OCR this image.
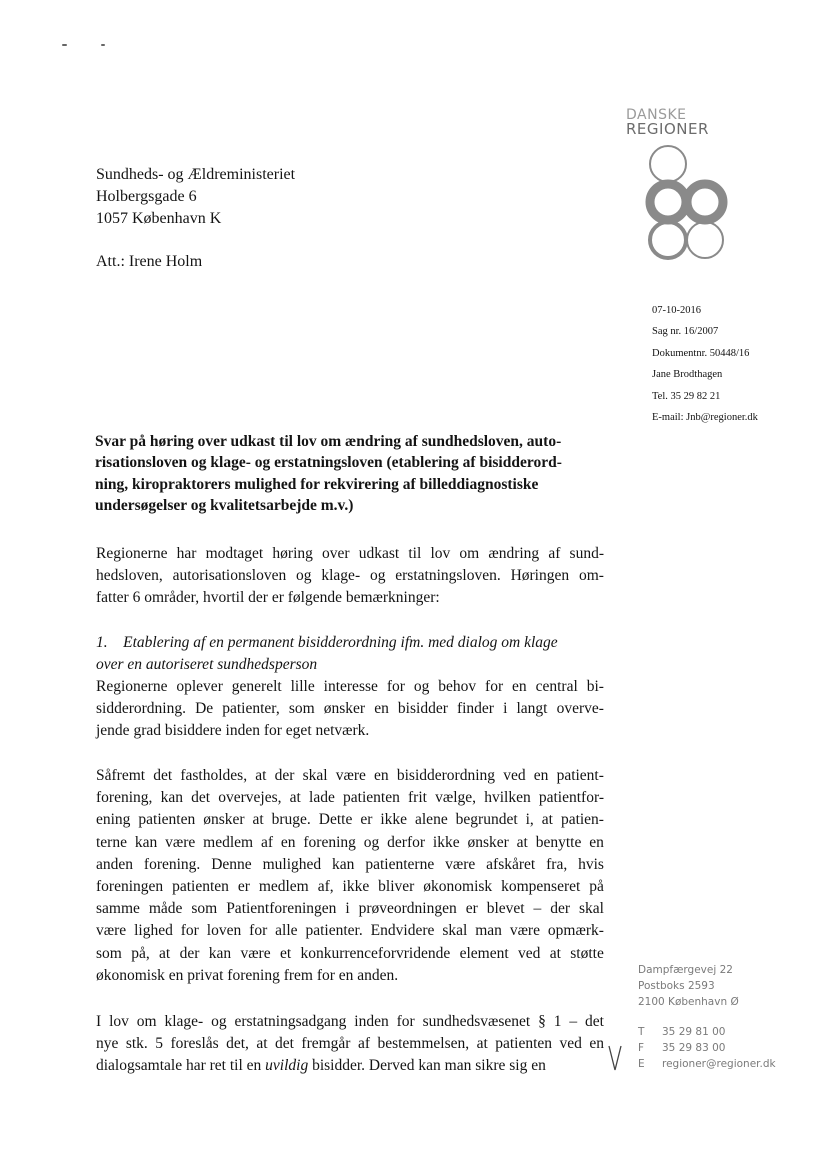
DANSKE
REGIONER
Sundheds- og Ældreministeriet
Holbergsgade 6
1057 København K
Att.: Irene Holm
07-10-2016
Sag nr. 16/2007
Dokumentnr. 50448/16
Jane Brodthagen
Tel. 35 29 82 21
E-mail: Jnb@regioner.dk
Svar på høring over udkast til lov om ændring af sundhedsloven, auto-
risationsloven og klage- og erstatningsloven (etablering af bisidderord-
ning, kiropraktorers mulighed for rekvirering af billeddiagnostiske
undersøgelser og kvalitetsarbejde m.v.)
Regionerne har modtaget høring over udkast til lov om ændring af sund-
hedsloven, autorisationsloven og klage- og erstatningsloven. Høringen om-
fatter 6 områder, hvortil der er følgende bemærkninger:
1. Etablering af en permanent bisidderordning ifm. med dialog om klage
over en autoriseret sundhedsperson
Regionerne oplever generelt lille interesse for og behov for en central bi-
sidderordning. De patienter, som ønsker en bisidder finder i langt overve-
jende grad bisiddere inden for eget netværk.
Såfremt det fastholdes, at der skal være en bisidderordning ved en patient-
forening, kan det overvejes, at lade patienten frit vælge, hvilken patientfor-
ening patienten ønsker at bruge. Dette er ikke alene begrundet i, at patien-
terne kan være medlem af en forening og derfor ikke ønsker at benytte en
anden forening. Denne mulighed kan patienterne være afskåret fra, hvis
foreningen patienten er medlem af, ikke bliver økonomisk kompenseret på
samme måde som Patientforeningen i prøveordningen er blevet – der skal
være lighed for loven for alle patienter. Endvidere skal man være opmærk-
som på, at der kan være et konkurrenceforvridende element ved at støtte
økonomisk en privat forening frem for en anden.
I lov om klage- og erstatningsadgang inden for sundhedsvæsenet § 1 – det
nye stk. 5 foreslås det, at det fremgår af bestemmelsen, at patienten ved en
dialogsamtale har ret til en uvildig bisidder. Derved kan man sikre sig en
Dampfærgevej 22
Postboks 2593
2100 København Ø
T 35 29 81 00
F 35 29 83 00
E regioner@regioner.dk
